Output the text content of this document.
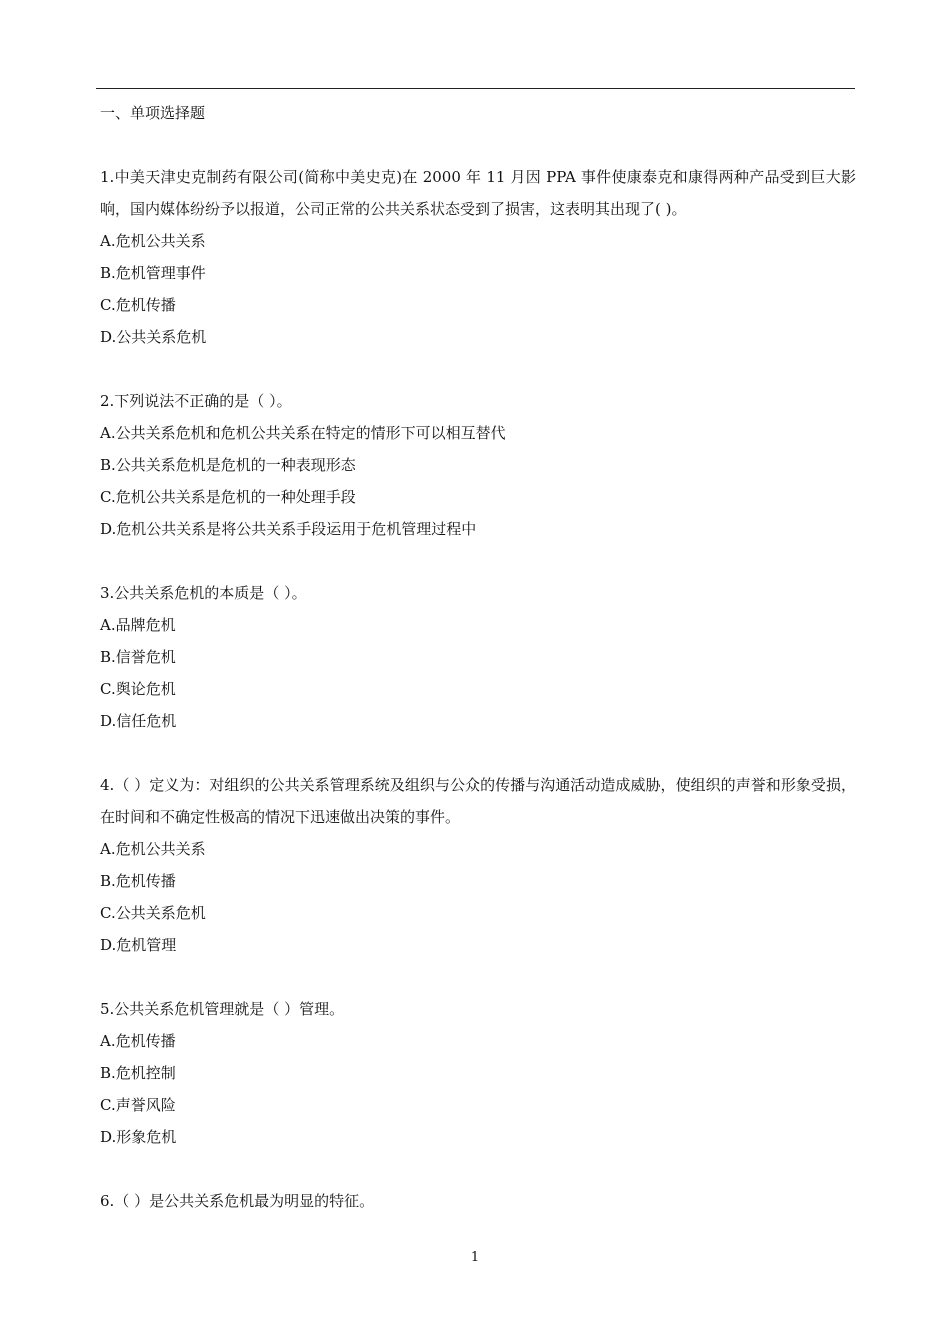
一、单项选择题

1.中美天津史克制药有限公司(简称中美史克)在 2000 年 11 月因 PPA 事件使康泰克和康得两种产品受到巨大影响，国内媒体纷纷予以报道，公司正常的公共关系状态受到了损害，这表明其出现了( )。

A.危机公共关系

B.危机管理事件

C.危机传播

D.公共关系危机

2.下列说法不正确的是（ ）。

A.公共关系危机和危机公共关系在特定的情形下可以相互替代

B.公共关系危机是危机的一种表现形态

C.危机公共关系是危机的一种处理手段

D.危机公共关系是将公共关系手段运用于危机管理过程中

3.公共关系危机的本质是（ ）。

A.品牌危机

B.信誉危机

C.舆论危机

D.信任危机

4.（ ）定义为：对组织的公共关系管理系统及组织与公众的传播与沟通活动造成威胁，使组织的声誉和形象受损，在时间和不确定性极高的情况下迅速做出决策的事件。

A.危机公共关系

B.危机传播

C.公共关系危机

D.危机管理

5.公共关系危机管理就是（ ）管理。

A.危机传播

B.危机控制

C.声誉风险

D.形象危机

6.（ ）是公共关系危机最为明显的特征。

1
